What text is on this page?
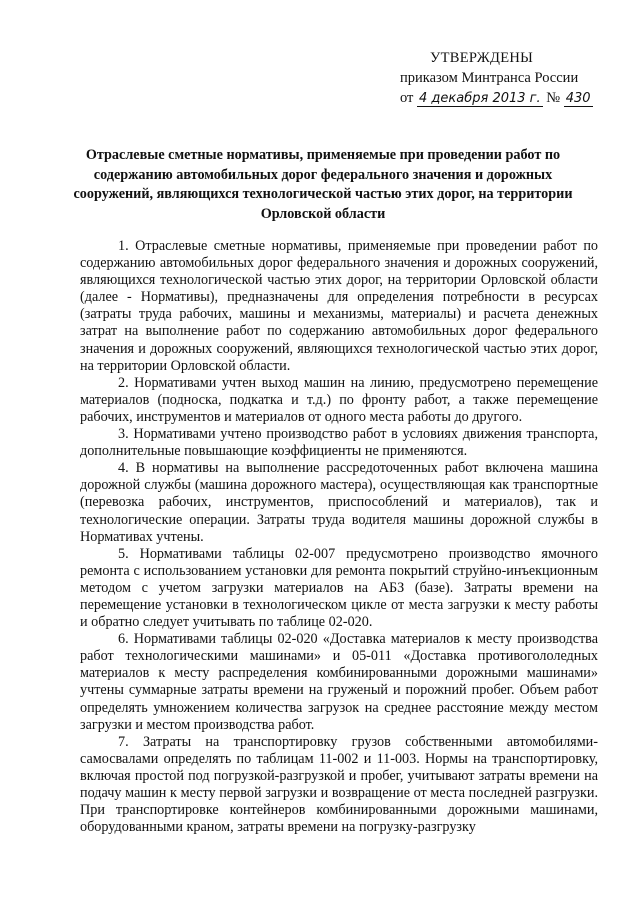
УТВЕРЖДЕНЫ
приказом Минтранса России
от 4 декабря 2013 г. № 430
Отраслевые сметные нормативы, применяемые при проведении работ по содержанию автомобильных дорог федерального значения и дорожных сооружений, являющихся технологической частью этих дорог, на территории Орловской области

1. Отраслевые сметные нормативы, применяемые при проведении работ по содержанию автомобильных дорог федерального значения и дорожных сооружений, являющихся технологической частью этих дорог, на территории Орловской области (далее - Нормативы), предназначены для определения потребности в ресурсах (затраты труда рабочих, машины и механизмы, материалы) и расчета денежных затрат на выполнение работ по содержанию автомобильных дорог федерального значения и дорожных сооружений, являющихся технологической частью этих дорог, на территории Орловской области.

2. Нормативами учтен выход машин на линию, предусмотрено перемещение материалов (подноска, подкатка и т.д.) по фронту работ, а также перемещение рабочих, инструментов и материалов от одного места работы до другого.

3. Нормативами учтено производство работ в условиях движения транспорта, дополнительные повышающие коэффициенты не применяются.

4. В нормативы на выполнение рассредоточенных работ включена машина дорожной службы (машина дорожного мастера), осуществляющая как транспортные (перевозка рабочих, инструментов, приспособлений и материалов), так и технологические операции. Затраты труда водителя машины дорожной службы в Нормативах учтены.

5. Нормативами таблицы 02-007 предусмотрено производство ямочного ремонта с использованием установки для ремонта покрытий струйно-инъекционным методом с учетом загрузки материалов на АБЗ (базе). Затраты времени на перемещение установки в технологическом цикле от места загрузки к месту работы и обратно следует учитывать по таблице 02-020.

6. Нормативами таблицы 02-020 «Доставка материалов к месту производства работ технологическими машинами» и 05-011 «Доставка противогололедных материалов к месту распределения комбинированными дорожными машинами» учтены суммарные затраты времени на груженый и порожний пробег. Объем работ определять умножением количества загрузок на среднее расстояние между местом загрузки и местом производства работ.

7. Затраты на транспортировку грузов собственными автомобилями-самосвалами определять по таблицам 11-002 и 11-003. Нормы на транспортировку, включая простой под погрузкой-разгрузкой и пробег, учитывают затраты времени на подачу машин к месту первой загрузки и возвращение от места последней разгрузки. При транспортировке контейнеров комбинированными дорожными машинами, оборудованными краном, затраты времени на погрузку-разгрузку
